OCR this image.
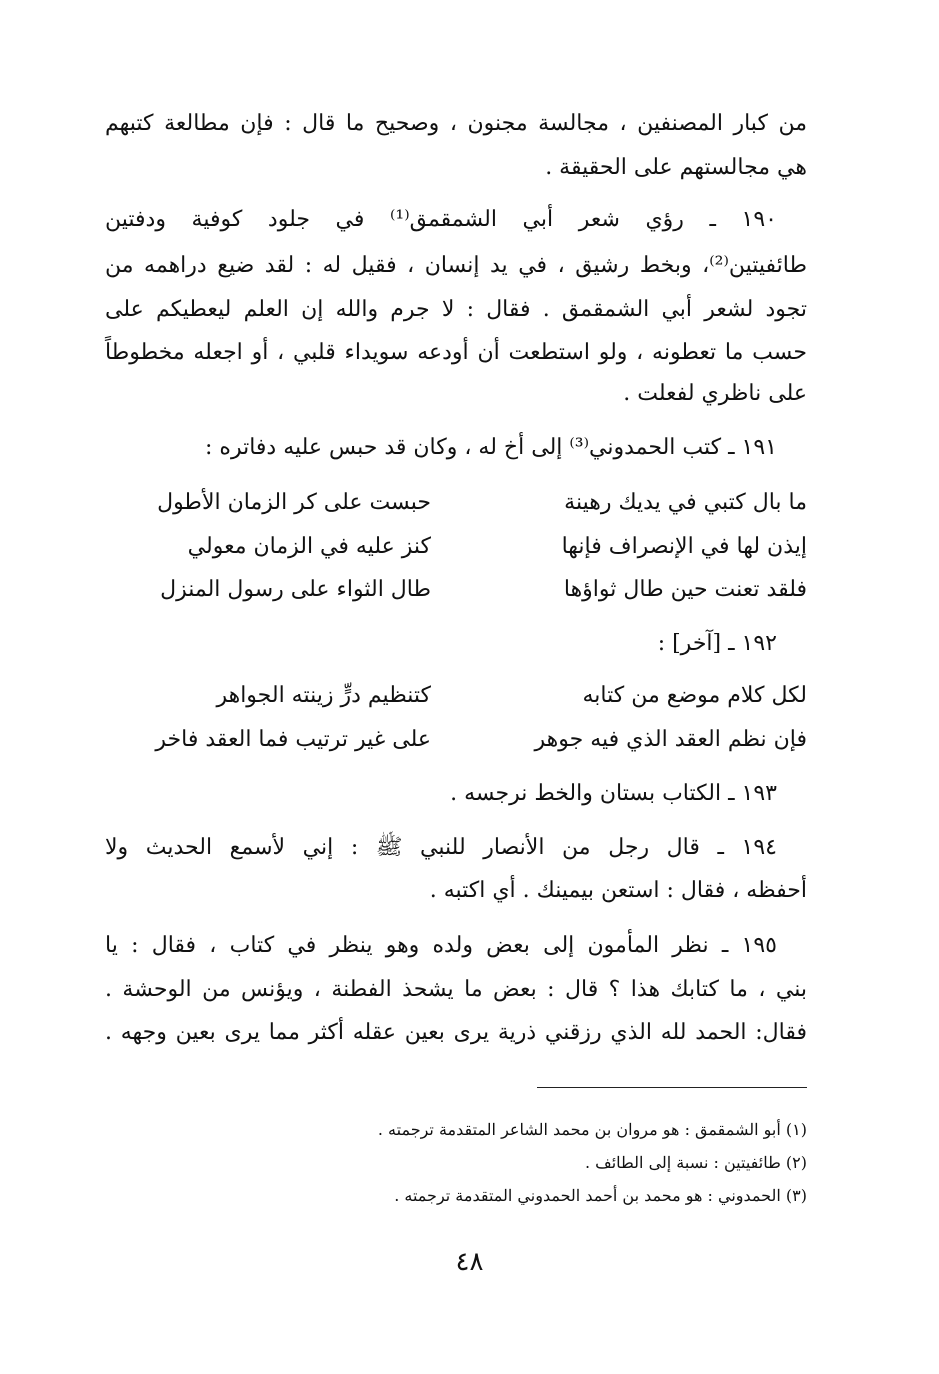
من كبار المصنفين ، مجالسة مجنون ، وصحيح ما قال : فإن مطالعة كتبهم
هي مجالستهم على الحقيقة .
١٩٠ ـ رؤي شعر أبي الشمقمق⁽¹⁾ في جلود كوفية ودفتين
طائفيتين⁽²⁾، وبخط رشيق ، في يد إنسان ، فقيل له : لقد ضيع دراهمه من
تجود لشعر أبي الشمقمق . فقال : لا جرم والله إن العلم ليعطيكم على
حسب ما تعطونه ، ولو استطعت أن أودعه سويداء قلبي ، أو اجعله مخطوطاً
على ناظري لفعلت .
١٩١ ـ كتب الحمدوني⁽³⁾ إلى أخ له ، وكان قد حبس عليه دفاتره :
ما بال كتبي في يديك رهينة
حبست على كر الزمان الأطول
إيذن لها في الإنصراف فإنها
كنز عليه في الزمان معولي
فلقد تعنت حين طال ثواؤها
طال الثواء على رسول المنزل
١٩٢ ـ [آخر] :
لكل كلام موضع من كتابه
كتنظيم درٍّ زينته الجواهر
فإن نظم العقد الذي فيه جوهر
على غير ترتيب فما العقد فاخر
١٩٣ ـ الكتاب بستان والخط نرجسه .
١٩٤ ـ قال رجل من الأنصار للنبي ﷺ : إني لأسمع الحديث ولا
أحفظه ، فقال : استعن بيمينك . أي اكتبه .
١٩٥ ـ نظر المأمون إلى بعض ولده وهو ينظر في كتاب ، فقال : يا
بني ، ما كتابك هذا ؟ قال : بعض ما يشحذ الفطنة ، ويؤنس من الوحشة .
فقال: الحمد لله الذي رزقني ذرية يرى بعين عقله أكثر مما يرى بعين وجهه .
(١) أبو الشمقمق : هو مروان بن محمد الشاعر المتقدمة ترجمته .
(٢) طائفيتين : نسبة إلى الطائف .
(٣) الحمدوني : هو محمد بن أحمد الحمدوني المتقدمة ترجمته .
٤٨
